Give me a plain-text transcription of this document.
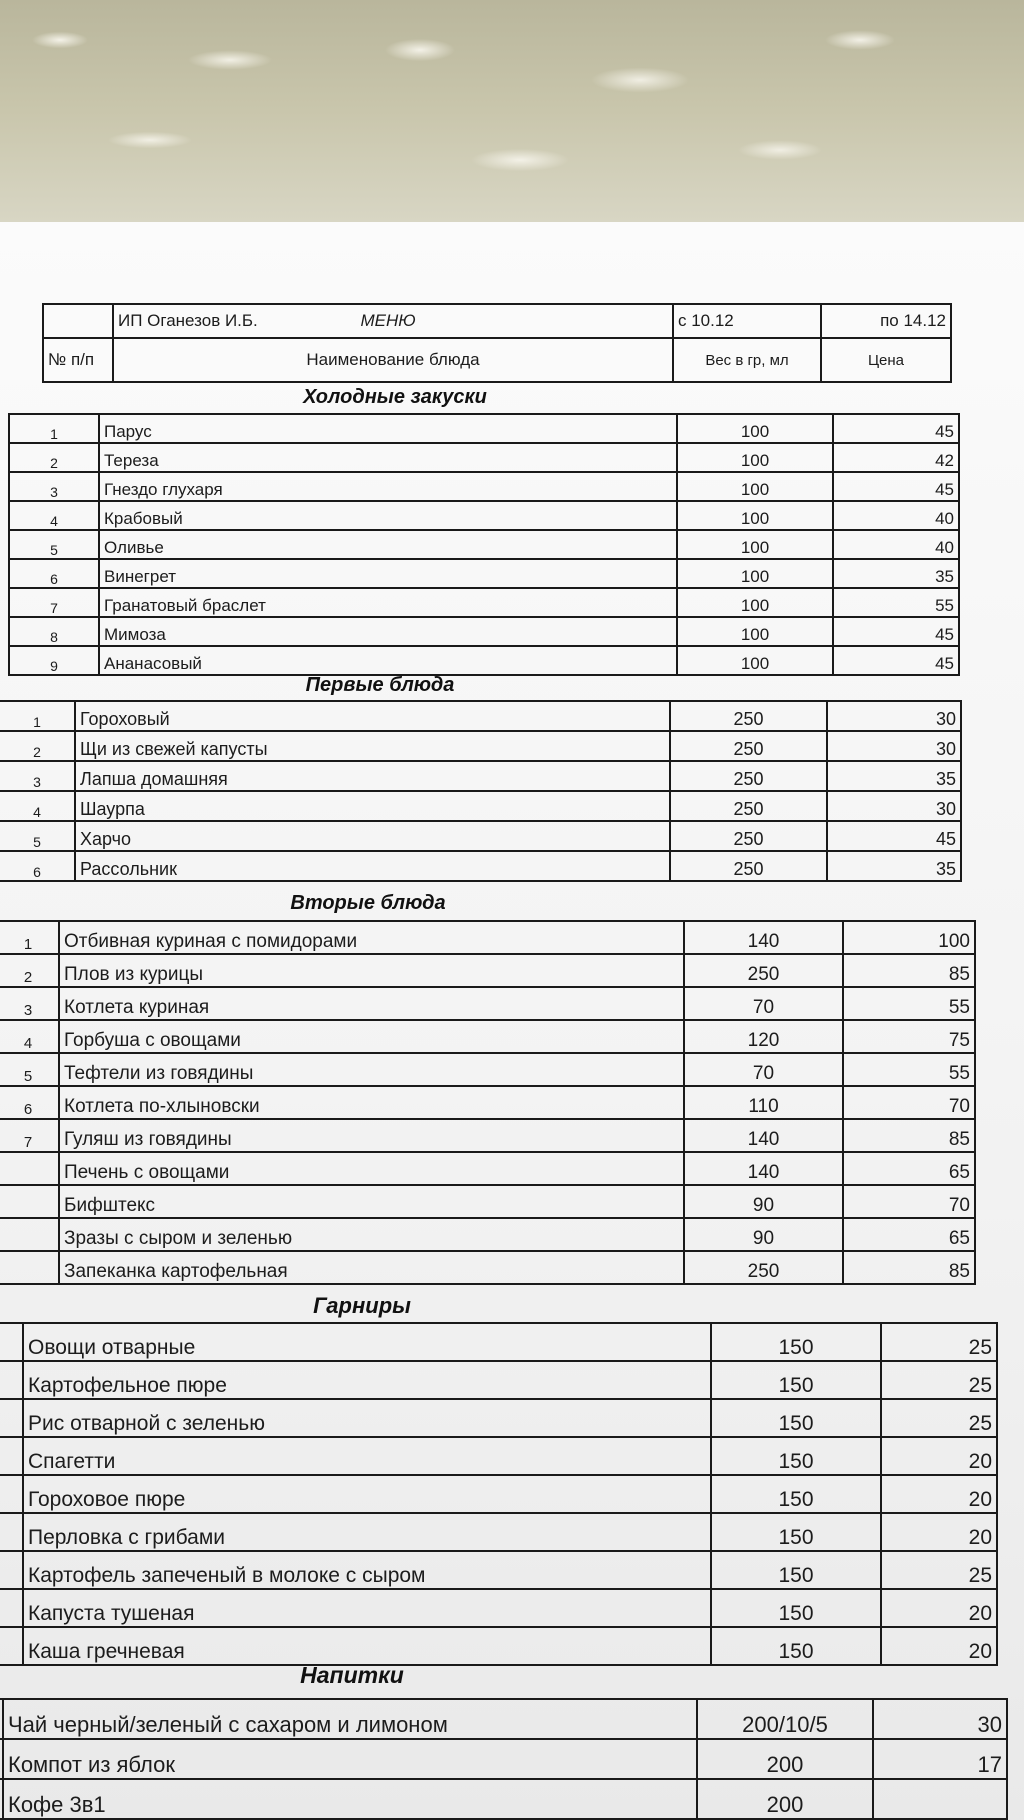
	ИП Оганезов И.Б. МЕНЮ	с 10.12	по 14.12
№ п/п	Наименование блюда	Вес в гр, мл	Цена
Холодные закуски
1	Парус	100	45
2	Тереза	100	42
3	Гнездо глухаря	100	45
4	Крабовый	100	40
5	Оливье	100	40
6	Винегрет	100	35
7	Гранатовый браслет	100	55
8	Мимоза	100	45
9	Ананасовый	100	45
Первые блюда
1	Гороховый	250	30
2	Щи из свежей капусты	250	30
3	Лапша домашняя	250	35
4	Шаурпа	250	30
5	Харчо	250	45
6	Рассольник	250	35
Вторые блюда
1	Отбивная куриная с помидорами	140	100
2	Плов из курицы	250	85
3	Котлета куриная	70	55
4	Горбуша с овощами	120	75
5	Тефтели из говядины	70	55
6	Котлета по-хлыновски	110	70
7	Гуляш из говядины	140	85
	Печень с овощами	140	65
	Бифштекс	90	70
	Зразы с сыром и зеленью	90	65
	Запеканка картофельная	250	85
Гарниры
	Овощи отварные	150	25
	Картофельное пюре	150	25
	Рис отварной с зеленью	150	25
	Спагетти	150	20
	Гороховое пюре	150	20
	Перловка с грибами	150	20
	Картофель запеченый в молоке с сыром	150	25
	Капуста тушеная	150	20
	Каша гречневая	150	20
Напитки
	Чай черный/зеленый с сахаром и лимоном	200/10/5	30
	Компот из яблок	200	17
	Кофе 3в1	200	
